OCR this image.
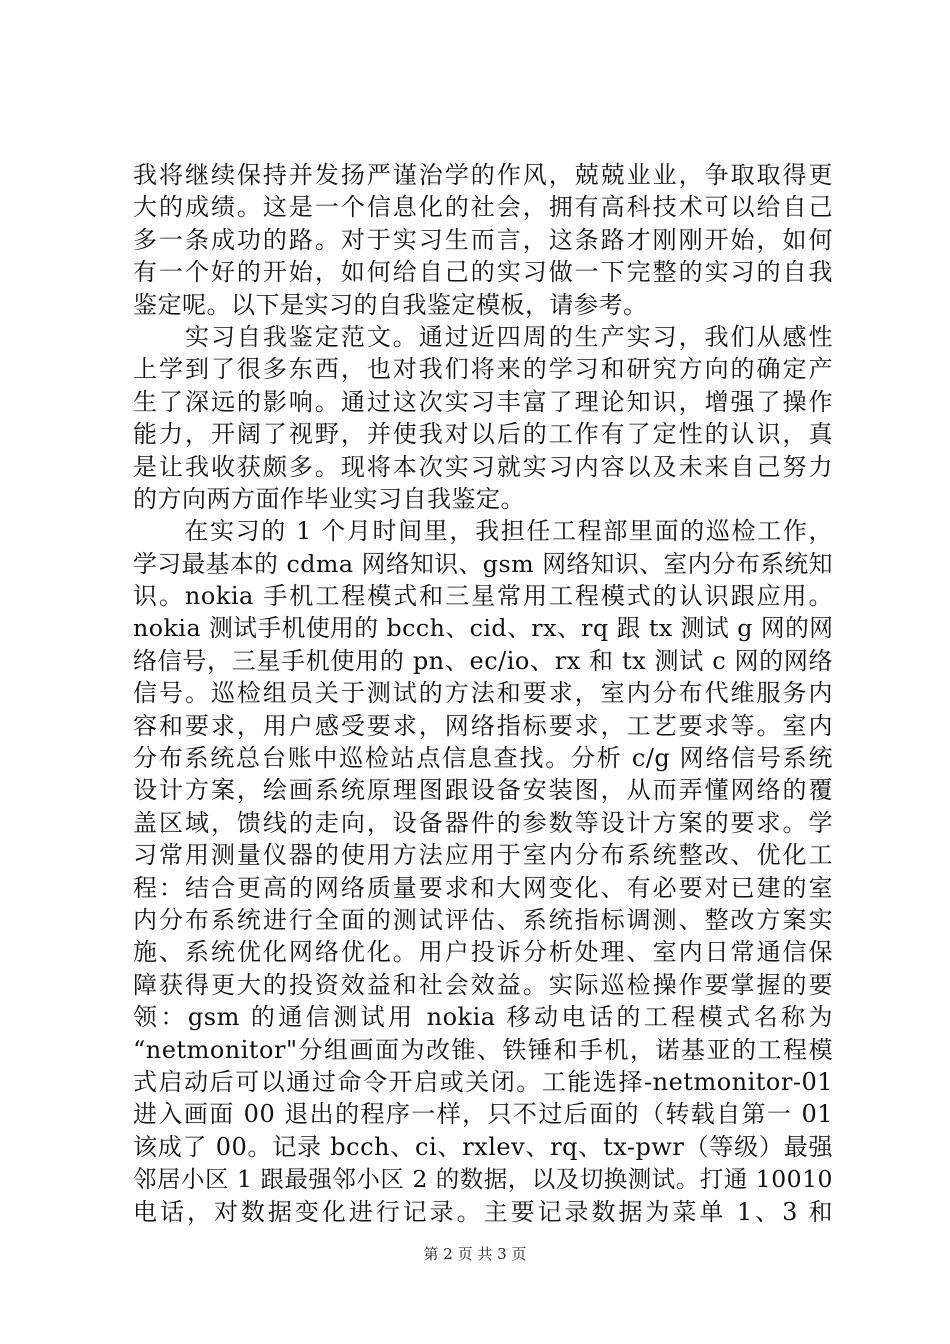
我将继续保持并发扬严谨治学的作风，兢兢业业，争取取得更
大的成绩。这是一个信息化的社会，拥有高科技术可以给自己
多一条成功的路。对于实习生而言，这条路才刚刚开始，如何
有一个好的开始，如何给自己的实习做一下完整的实习的自我
鉴定呢。以下是实习的自我鉴定模板，请参考。
　　实习自我鉴定范文。通过近四周的生产实习，我们从感性
上学到了很多东西，也对我们将来的学习和研究方向的确定产
生了深远的影响。通过这次实习丰富了理论知识，增强了操作
能力，开阔了视野，并使我对以后的工作有了定性的认识，真
是让我收获颇多。现将本次实习就实习内容以及未来自己努力
的方向两方面作毕业实习自我鉴定。
　　在实习的 1 个月时间里，我担任工程部里面的巡检工作，
学习最基本的 cdma 网络知识、gsm 网络知识、室内分布系统知
识。nokia 手机工程模式和三星常用工程模式的认识跟应用。
nokia 测试手机使用的 bcch、cid、rx、rq 跟 tx 测试 g 网的网
络信号，三星手机使用的 pn、ec/io、rx 和 tx 测试 c 网的网络
信号。巡检组员关于测试的方法和要求，室内分布代维服务内
容和要求，用户感受要求，网络指标要求，工艺要求等。室内
分布系统总台账中巡检站点信息查找。分析 c/g 网络信号系统
设计方案，绘画系统原理图跟设备安装图，从而弄懂网络的覆
盖区域，馈线的走向，设备器件的参数等设计方案的要求。学
习常用测量仪器的使用方法应用于室内分布系统整改、优化工
程：结合更高的网络质量要求和大网变化、有必要对已建的室
内分布系统进行全面的测试评估、系统指标调测、整改方案实
施、系统优化网络优化。用户投诉分析处理、室内日常通信保
障获得更大的投资效益和社会效益。实际巡检操作要掌握的要
领：gsm 的通信测试用 nokia 移动电话的工程模式名称为
“netmonitor"分组画面为改锥、铁锤和手机，诺基亚的工程模
式启动后可以通过命令开启或关闭。工能选择-netmonitor-01
进入画面 00 退出的程序一样，只不过后面的（转载自第一 01
该成了 00。记录 bcch、ci、rxlev、rq、tx-pwr（等级）最强
邻居小区 1 跟最强邻小区 2 的数据，以及切换测试。打通 10010
电话，对数据变化进行记录。主要记录数据为菜单 1、3 和
第 2 页 共 3 页
